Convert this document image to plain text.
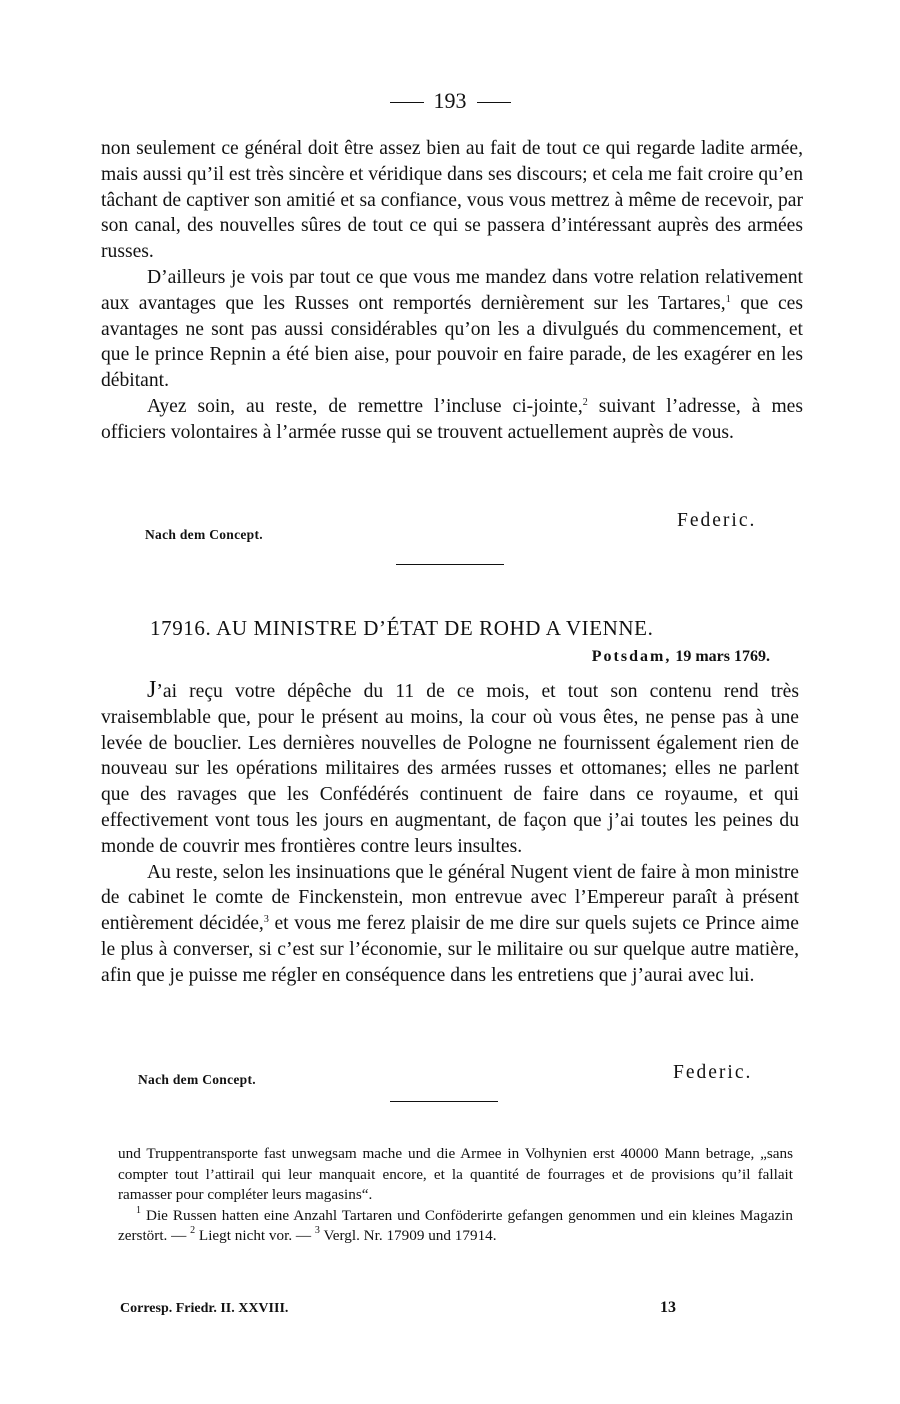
193

non seulement ce général doit être assez bien au fait de tout ce qui regarde ladite armée, mais aussi qu’il est très sincère et véridique dans ses discours; et cela me fait croire qu’en tâchant de captiver son amitié et sa confiance, vous vous mettrez à même de recevoir, par son canal, des nouvelles sûres de tout ce qui se passera d’intéressant auprès des armées russes.

D’ailleurs je vois par tout ce que vous me mandez dans votre relation relativement aux avantages que les Russes ont remportés dernièrement sur les Tartares,$^1$ que ces avantages ne sont pas aussi considérables qu’on les a divulgués du commencement, et que le prince Repnin a été bien aise, pour pouvoir en faire parade, de les exagérer en les débitant.

Ayez soin, au reste, de remettre l’incluse ci-jointe,$^2$ suivant l’adresse, à mes officiers volontaires à l’armée russe qui se trouvent actuellement auprès de vous.

Federic.
Nach dem Concept.
17916. AU MINISTRE D’ÉTAT DE ROHD A VIENNE.
Potsdam, 19 mars 1769.

J’ai reçu votre dépêche du 11 de ce mois, et tout son contenu rend très vraisemblable que, pour le présent au moins, la cour où vous êtes, ne pense pas à une levée de bouclier. Les dernières nouvelles de Pologne ne fournissent également rien de nouveau sur les opérations militaires des armées russes et ottomanes; elles ne parlent que des ravages que les Confédérés continuent de faire dans ce royaume, et qui effectivement vont tous les jours en augmentant, de façon que j’ai toutes les peines du monde de couvrir mes frontières contre leurs insultes.

Au reste, selon les insinuations que le général Nugent vient de faire à mon ministre de cabinet le comte de Finckenstein, mon entrevue avec l’Empereur paraît à présent entièrement décidée,$^3$ et vous me ferez plaisir de me dire sur quels sujets ce Prince aime le plus à converser, si c’est sur l’économie, sur le militaire ou sur quelque autre matière, afin que je puisse me régler en conséquence dans les entretiens que j’aurai avec lui.

Federic.
Nach dem Concept.

und Truppentransporte fast unwegsam mache und die Armee in Volhynien erst 40000 Mann betrage, „sans compter tout l’attirail qui leur manquait encore, et la quantité de fourrages et de provisions qu’il fallait ramasser pour compléter leurs magasins“.

$^1$ Die Russen hatten eine Anzahl Tartaren und Conföderirte gefangen genommen und ein kleines Magazin zerstört. — $^2$ Liegt nicht vor. — $^3$ Vergl. Nr. 17909 und 17914.

Corresp. Friedr. II. XXVIII.	13
